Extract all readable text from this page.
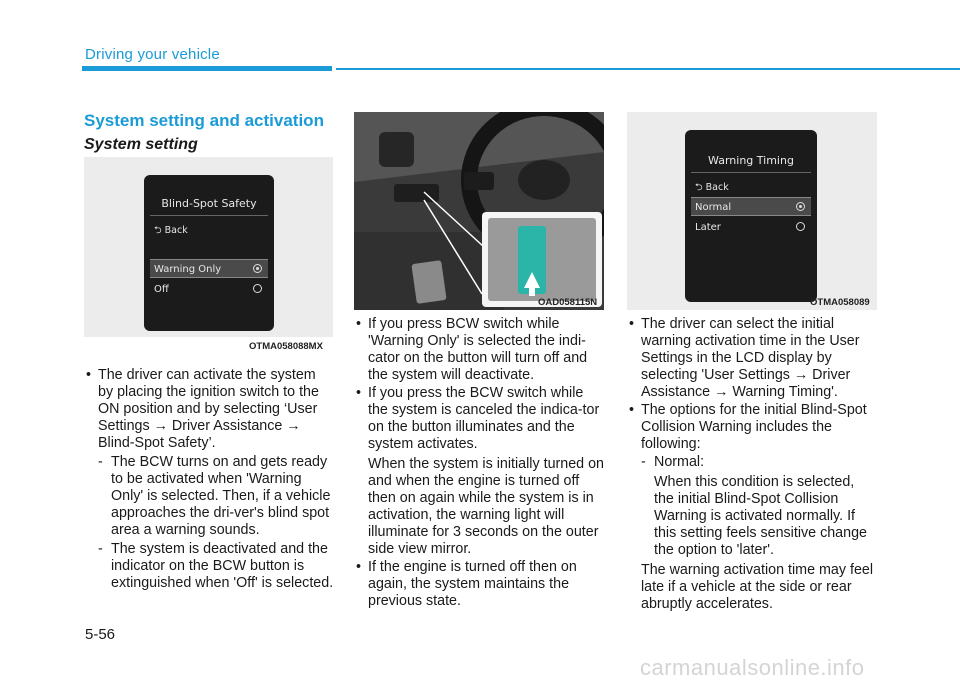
Driving your vehicle
System setting and activation
System setting
Blind-Spot Safety
⮌ Back
Warning Only
Off
OTMA058088MX
OAD058115N
Warning Timing
⮌ Back
Normal
Later
OTMA058089

• The driver can activate the system by placing the ignition switch to the ON position and by selecting ‘User Settings → Driver Assistance → Blind-Spot Safety’.

- The BCW turns on and gets ready to be activated when 'Warning Only' is selected. Then, if a vehicle approaches the dri-ver's blind spot area a warning sounds.
- The system is deactivated and the indicator on the BCW button is extinguished when 'Off' is selected.

• If you press BCW switch while 'Warning Only' is selected the indi-cator on the button will turn off and the system will deactivate.

• If you press the BCW switch while the system is canceled the indica-tor on the button illuminates and the system activates.

When the system is initially turned on and when the engine is turned off then on again while the system is in activation, the warning light will illuminate for 3 seconds on the outer side view mirror.

• If the engine is turned off then on again, the system maintains the previous state.

• The driver can select the initial warning activation time in the User Settings in the LCD display by selecting 'User Settings → Driver Assistance → Warning Timing'.

• The options for the initial Blind-Spot Collision Warning includes the following:

- Normal:

When this condition is selected, the initial Blind-Spot Collision Warning is activated normally. If this setting feels sensitive change the option to 'later'.

The warning activation time may feel late if a vehicle at the side or rear abruptly accelerates.

5-56
carmanualsonline.info
